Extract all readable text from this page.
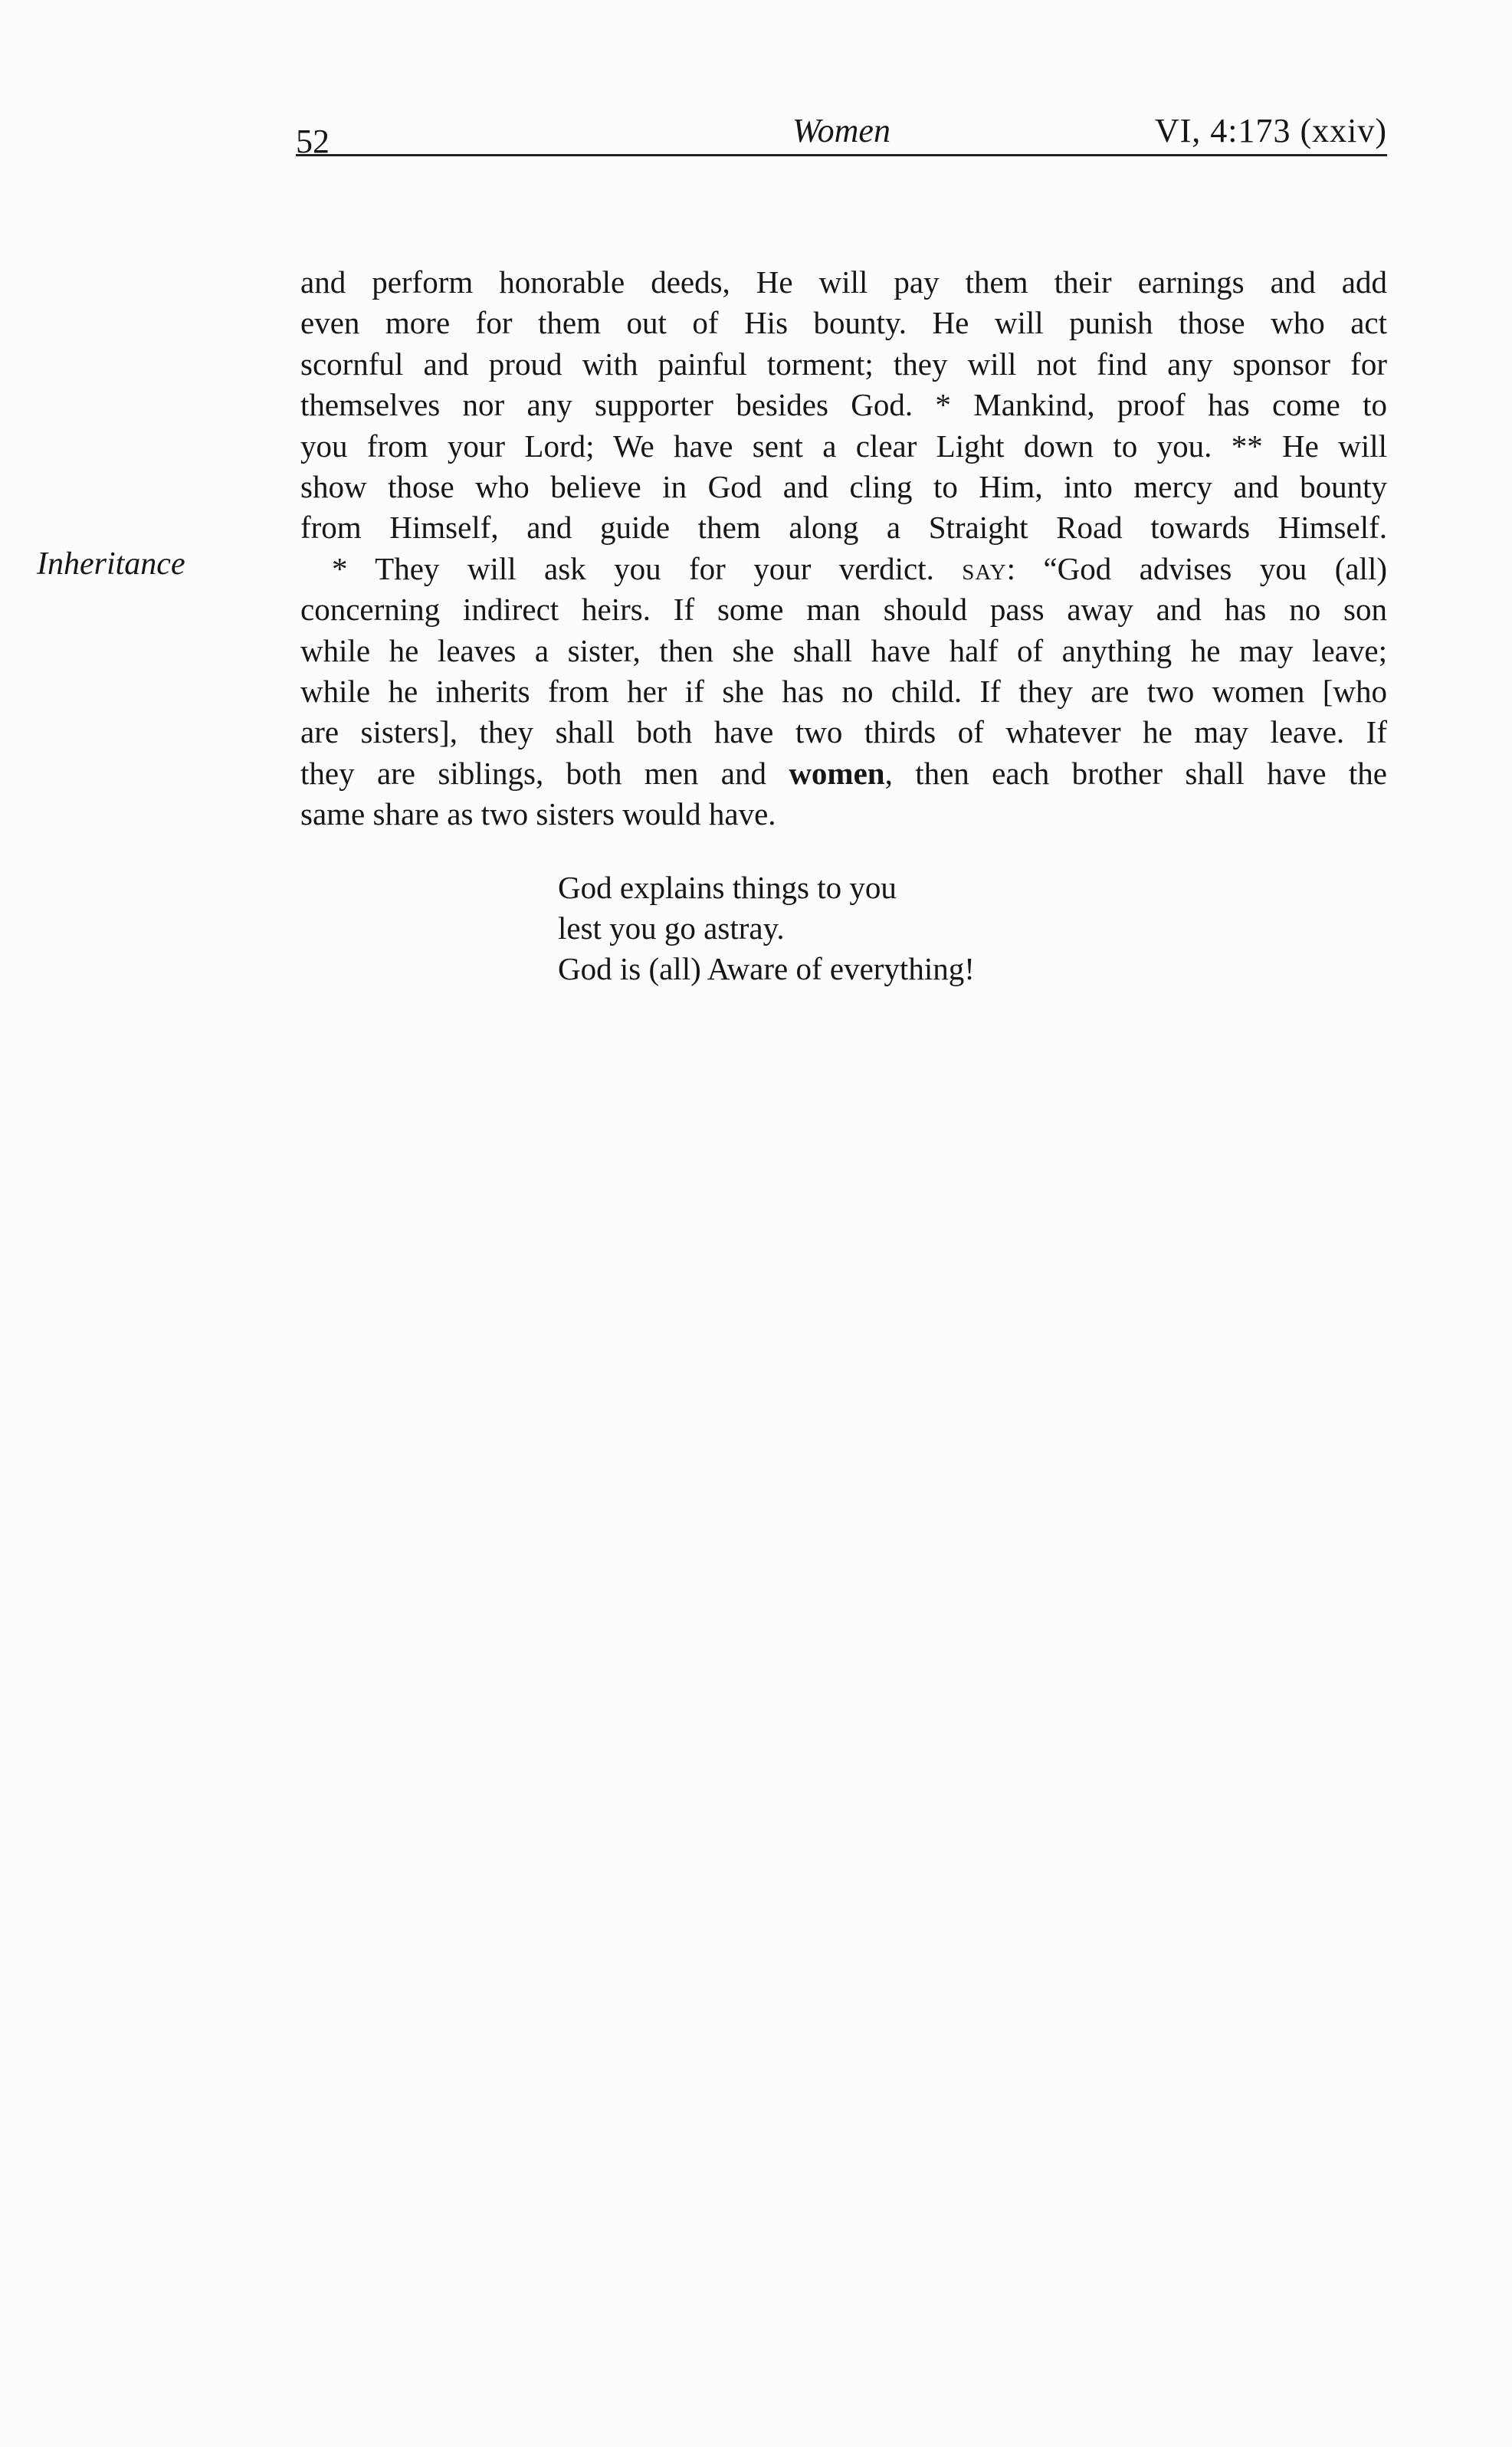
52	Women	VI, 4:173 (xxiv)
Inheritance
and perform honorable deeds, He will pay them their earnings and add
even more for them out of His bounty. He will punish those who act
scornful and proud with painful torment; they will not find any sponsor for
themselves nor any supporter besides God. * Mankind, proof has come to
you from your Lord; We have sent a clear Light down to you. ** He will
show those who believe in God and cling to Him, into mercy and bounty
from Himself, and guide them along a Straight Road towards Himself.
  * They will ask you for your verdict. SAY: “God advises you (all)
concerning indirect heirs. If some man should pass away and has no son
while he leaves a sister, then she shall have half of anything he may leave;
while he inherits from her if she has no child. If they are two women [who
are sisters], they shall both have two thirds of whatever he may leave. If
they are siblings, both men and women, then each brother shall have the
same share as two sisters would have.
God explains things to you
lest you go astray.
God is (all) Aware of everything!
